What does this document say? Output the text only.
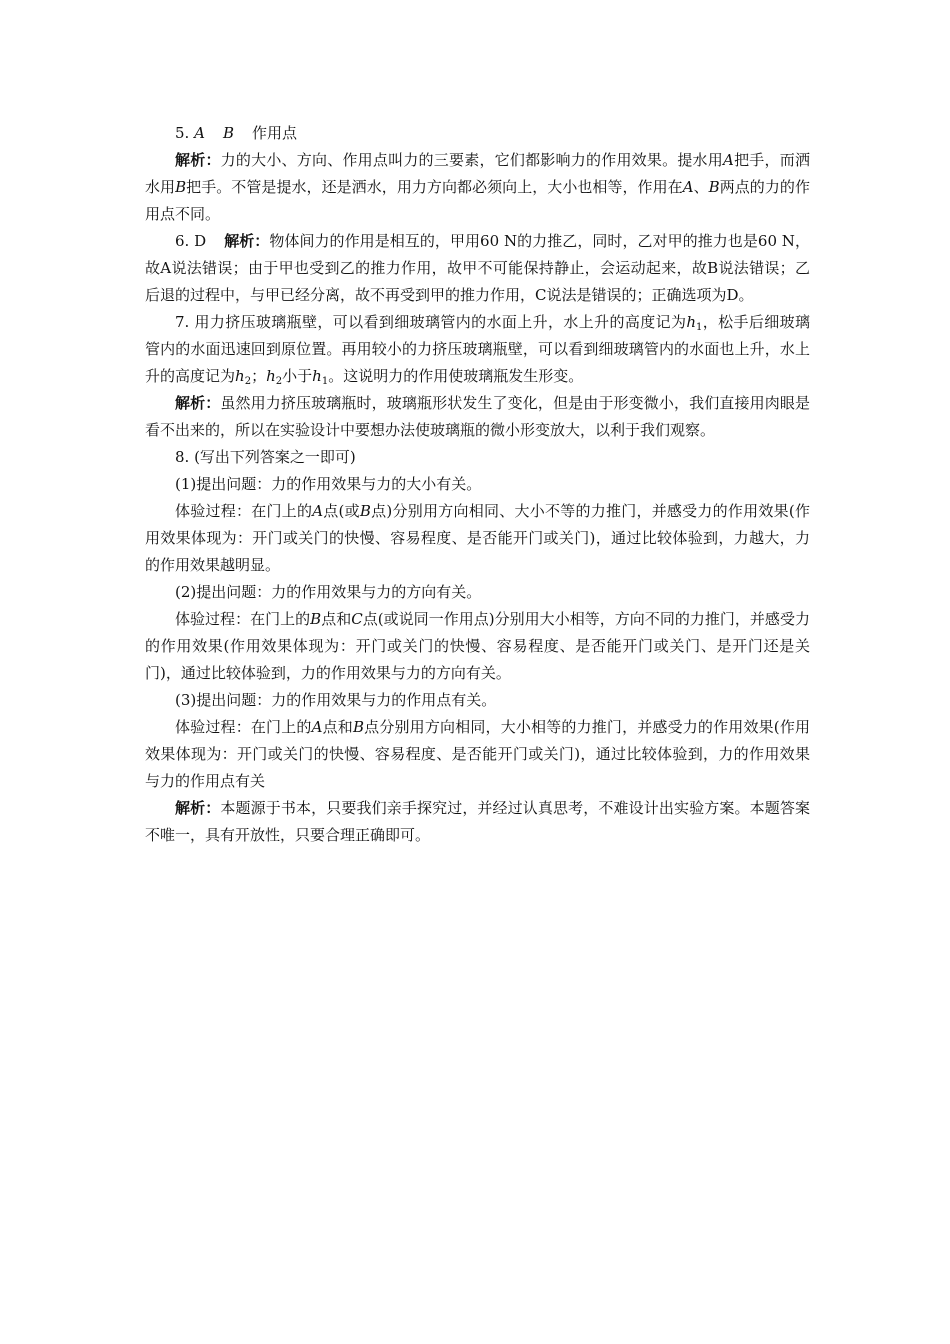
5. A B 作用点

解析：力的大小、方向、作用点叫力的三要素，它们都影响力的作用效果。提水用A把手，而洒水用B把手。不管是提水，还是洒水，用力方向都必须向上，大小也相等，作用在A、B两点的力的作用点不同。

6. D 解析：物体间力的作用是相互的，甲用60 N的力推乙，同时，乙对甲的推力也是60 N，故A说法错误；由于甲也受到乙的推力作用，故甲不可能保持静止，会运动起来，故B说法错误；乙后退的过程中，与甲已经分离，故不再受到甲的推力作用，C说法是错误的；正确选项为D。

7. 用力挤压玻璃瓶壁，可以看到细玻璃管内的水面上升，水上升的高度记为$h_1$，松手后细玻璃管内的水面迅速回到原位置。再用较小的力挤压玻璃瓶壁，可以看到细玻璃管内的水面也上升，水上升的高度记为$h_2$；$h_2$小于$h_1$。这说明力的作用使玻璃瓶发生形变。

解析：虽然用力挤压玻璃瓶时，玻璃瓶形状发生了变化，但是由于形变微小，我们直接用肉眼是看不出来的，所以在实验设计中要想办法使玻璃瓶的微小形变放大，以利于我们观察。

8. (写出下列答案之一即可)

(1)提出问题：力的作用效果与力的大小有关。

体验过程：在门上的A点(或B点)分别用方向相同、大小不等的力推门，并感受力的作用效果(作用效果体现为：开门或关门的快慢、容易程度、是否能开门或关门)，通过比较体验到，力越大，力的作用效果越明显。

(2)提出问题：力的作用效果与力的方向有关。

体验过程：在门上的B点和C点(或说同一作用点)分别用大小相等，方向不同的力推门，并感受力的作用效果(作用效果体现为：开门或关门的快慢、容易程度、是否能开门或关门、是开门还是关门)，通过比较体验到，力的作用效果与力的方向有关。

(3)提出问题：力的作用效果与力的作用点有关。

体验过程：在门上的A点和B点分别用方向相同，大小相等的力推门，并感受力的作用效果(作用效果体现为：开门或关门的快慢、容易程度、是否能开门或关门)，通过比较体验到，力的作用效果与力的作用点有关

解析：本题源于书本，只要我们亲手探究过，并经过认真思考，不难设计出实验方案。本题答案不唯一，具有开放性，只要合理正确即可。
